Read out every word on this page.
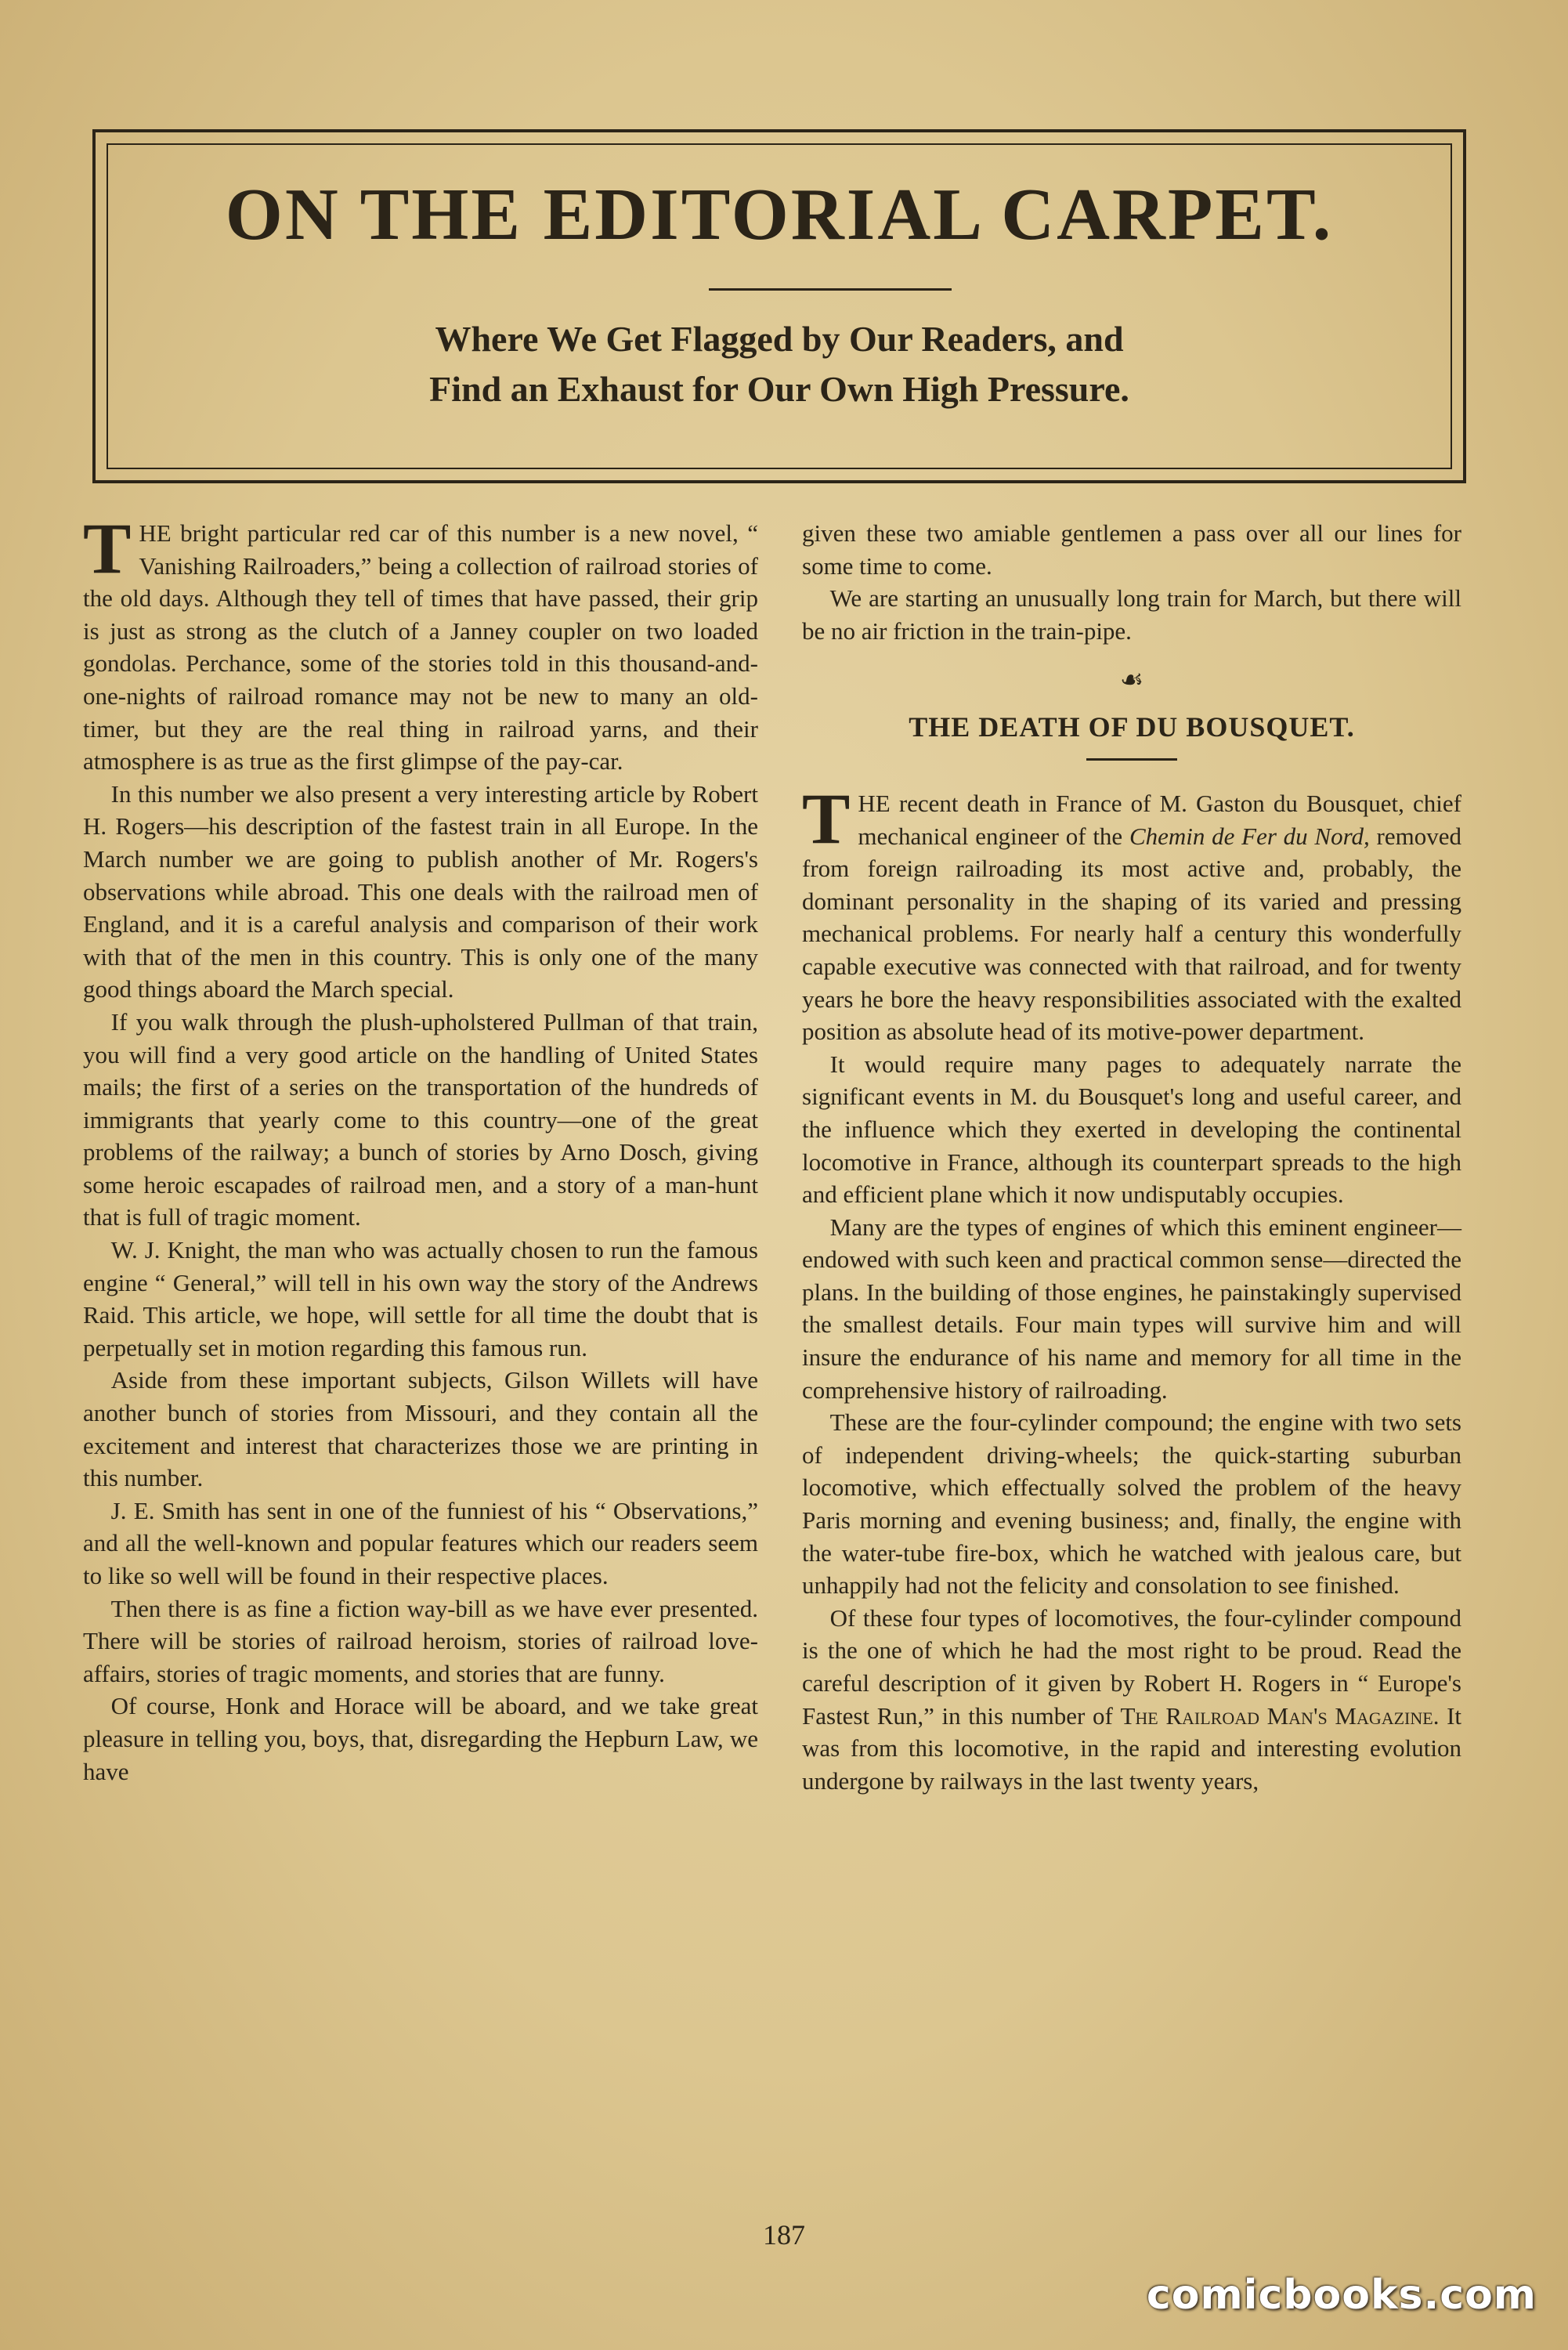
ON THE EDITORIAL CARPET.
Where We Get Flagged by Our Readers, and
Find an Exhaust for Our Own High Pressure.

THE bright particular red car of this number is a new novel, “ Vanishing Railroaders,” being a collection of railroad stories of the old days. Although they tell of times that have passed, their grip is just as strong as the clutch of a Janney coupler on two loaded gondolas. Perchance, some of the stories told in this thousand-and-one-nights of railroad romance may not be new to many an old-timer, but they are the real thing in railroad yarns, and their atmosphere is as true as the first glimpse of the pay-car.

In this number we also present a very interesting article by Robert H. Rogers—his description of the fastest train in all Europe. In the March number we are going to publish another of Mr. Rogers's observations while abroad. This one deals with the railroad men of England, and it is a careful analysis and comparison of their work with that of the men in this country. This is only one of the many good things aboard the March special.

If you walk through the plush-upholstered Pullman of that train, you will find a very good article on the handling of United States mails; the first of a series on the transportation of the hundreds of immigrants that yearly come to this country—one of the great problems of the railway; a bunch of stories by Arno Dosch, giving some heroic escapades of railroad men, and a story of a man-hunt that is full of tragic moment.

W. J. Knight, the man who was actually chosen to run the famous engine “ General,” will tell in his own way the story of the Andrews Raid. This article, we hope, will settle for all time the doubt that is perpetually set in motion regarding this famous run.

Aside from these important subjects, Gilson Willets will have another bunch of stories from Missouri, and they contain all the excitement and interest that characterizes those we are printing in this number.

J. E. Smith has sent in one of the funniest of his “ Observations,” and all the well-known and popular features which our readers seem to like so well will be found in their respective places.

Then there is as fine a fiction way-bill as we have ever presented. There will be stories of railroad heroism, stories of railroad love-affairs, stories of tragic moments, and stories that are funny.

Of course, Honk and Horace will be aboard, and we take great pleasure in telling you, boys, that, disregarding the Hepburn Law, we have

given these two amiable gentlemen a pass over all our lines for some time to come.

We are starting an unusually long train for March, but there will be no air friction in the train-pipe.

☙
THE DEATH OF DU BOUSQUET.

THE recent death in France of M. Gaston du Bousquet, chief mechanical engineer of the Chemin de Fer du Nord, removed from foreign railroading its most active and, probably, the dominant personality in the shaping of its varied and pressing mechanical problems. For nearly half a century this wonderfully capable executive was connected with that railroad, and for twenty years he bore the heavy responsibilities associated with the exalted position as absolute head of its motive-power department.

It would require many pages to adequately narrate the significant events in M. du Bousquet's long and useful career, and the influence which they exerted in developing the continental locomotive in France, although its counterpart spreads to the high and efficient plane which it now undisputably occupies.

Many are the types of engines of which this eminent engineer—endowed with such keen and practical common sense—directed the plans. In the building of those engines, he painstakingly supervised the smallest details. Four main types will survive him and will insure the endurance of his name and memory for all time in the comprehensive history of railroading.

These are the four-cylinder compound; the engine with two sets of independent driving-wheels; the quick-starting suburban locomotive, which effectually solved the problem of the heavy Paris morning and evening business; and, finally, the engine with the water-tube fire-box, which he watched with jealous care, but unhappily had not the felicity and consolation to see finished.

Of these four types of locomotives, the four-cylinder compound is the one of which he had the most right to be proud. Read the careful description of it given by Robert H. Rogers in “ Europe's Fastest Run,” in this number of The Railroad Man's Magazine. It was from this locomotive, in the rapid and interesting evolution undergone by railways in the last twenty years,

187
comicbooks.com
